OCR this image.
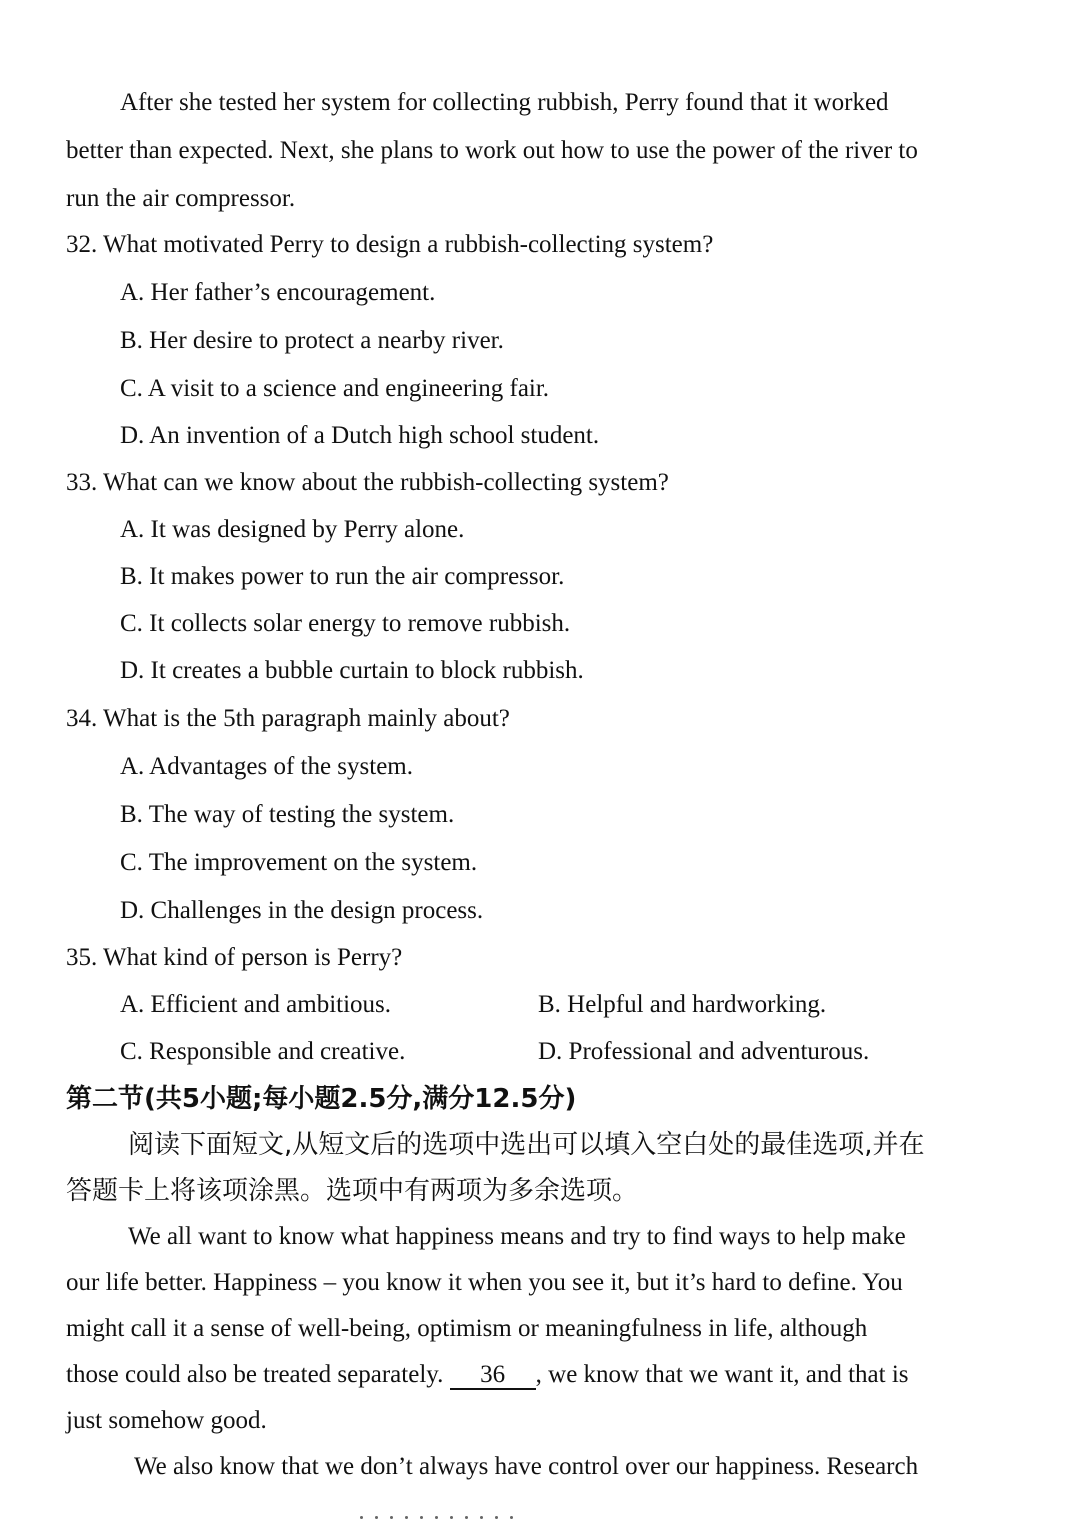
After she tested her system for collecting rubbish, Perry found that it worked
better than expected. Next, she plans to work out how to use the power of the river to
run the air compressor.
32. What motivated Perry to design a rubbish-collecting system?
A. Her father’s encouragement.
B. Her desire to protect a nearby river.
C. A visit to a science and engineering fair.
D. An invention of a Dutch high school student.
33. What can we know about the rubbish-collecting system?
A. It was designed by Perry alone.
B. It makes power to run the air compressor.
C. It collects solar energy to remove rubbish.
D. It creates a bubble curtain to block rubbish.
34. What is the 5th paragraph mainly about?
A. Advantages of the system.
B. The way of testing the system.
C. The improvement on the system.
D. Challenges in the design process.
35. What kind of person is Perry?
A. Efficient and ambitious.	B. Helpful and hardworking.
C. Responsible and creative.	D. Professional and adventurous.
第二节(共5小题;每小题2.5分,满分12.5分)
阅读下面短文,从短文后的选项中选出可以填入空白处的最佳选项,并在
答题卡上将该项涂黑。选项中有两项为多余选项。
We all want to know what happiness means and try to find ways to help make
our life better. Happiness – you know it when you see it, but it’s hard to define. You
might call it a sense of well-being, optimism or meaningfulness in life, although
those could also be treated separately. 36 , we know that we want it, and that is
just somehow good.
We also know that we don’t always have control over our happiness. Research
